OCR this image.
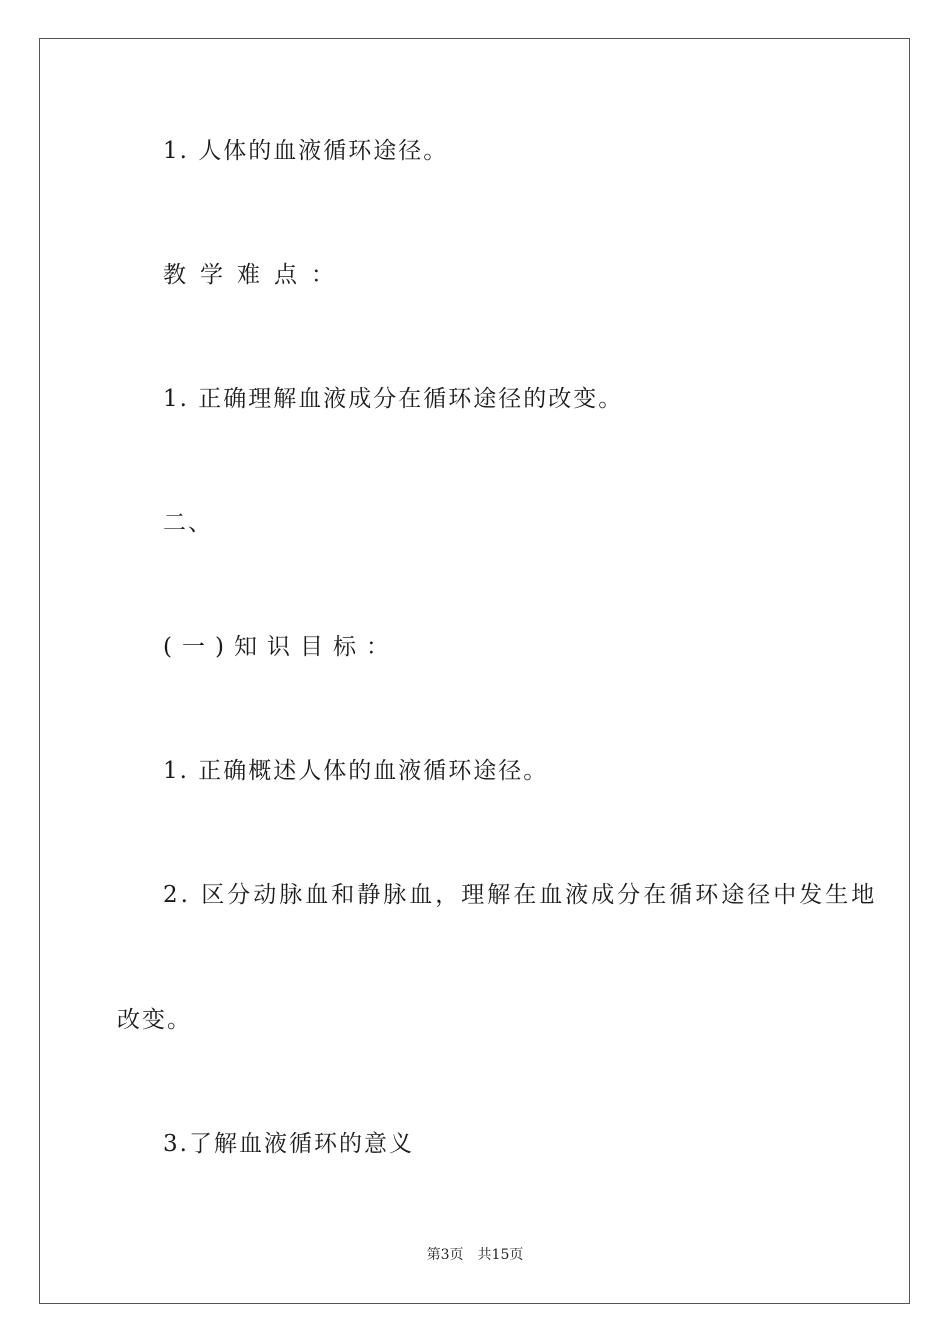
1. 人体的血液循环途径。
教学难点：
1. 正确理解血液成分在循环途径的改变。
二、
(一)知识目标：
1. 正确概述人体的血液循环途径。
2. 区分动脉血和静脉血，理解在血液成分在循环途径中发生地
改变。
3.了解血液循环的意义
第3页 共15页
